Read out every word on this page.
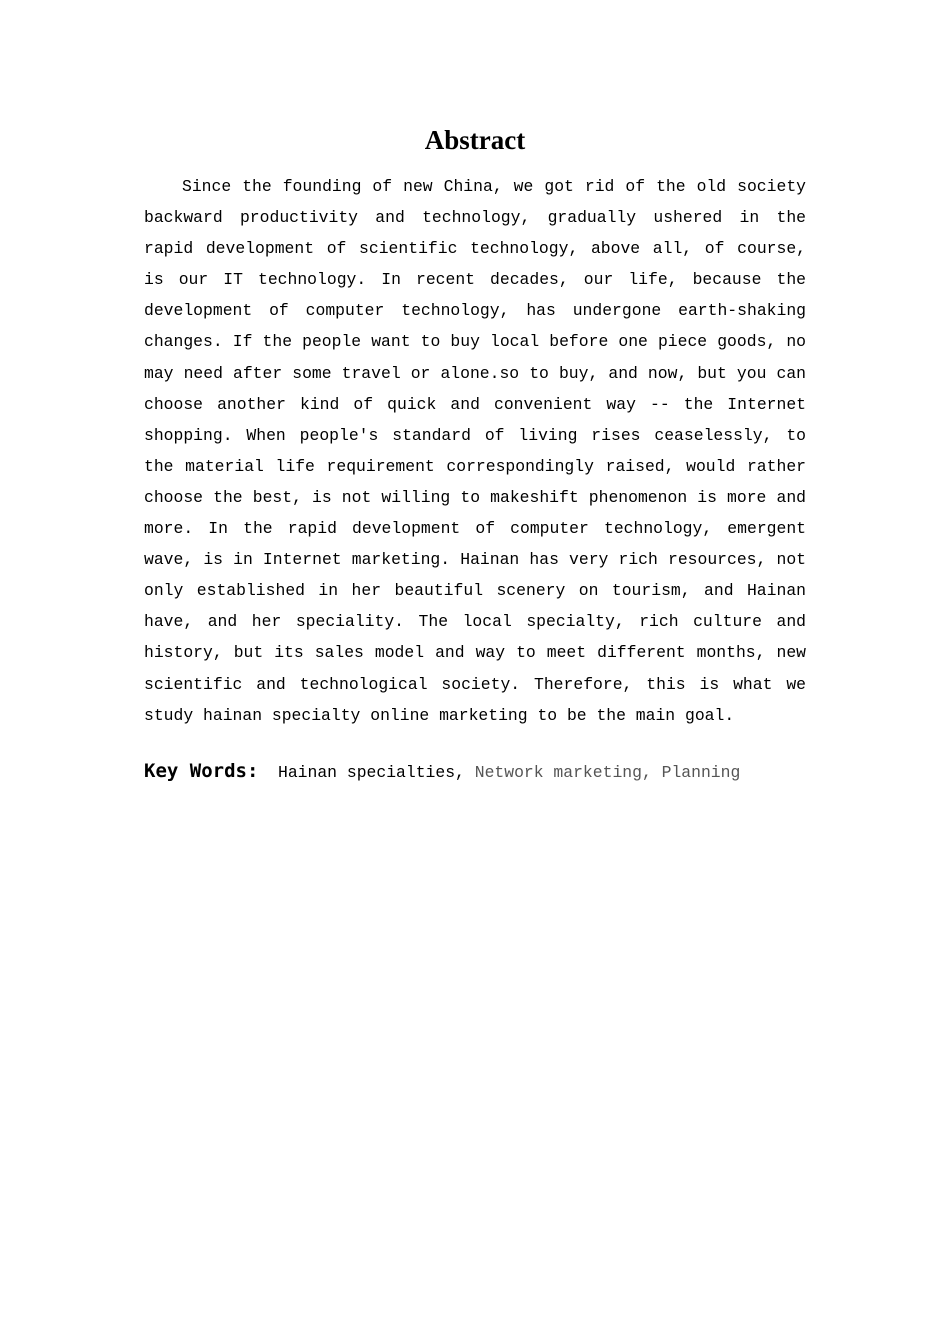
Abstract

Since the founding of new China, we got rid of the old society backward productivity and technology, gradually ushered in the rapid development of scientific technology, above all, of course, is our IT technology. In recent decades, our life, because the development of computer technology, has undergone earth-shaking changes. If the people want to buy local before one piece goods, no may need after some travel or alone.so to buy, and now, but you can choose another kind of quick and convenient way -- the Internet shopping. When people's standard of living rises ceaselessly, to the material life requirement correspondingly raised, would rather choose the best, is not willing to makeshift phenomenon is more and more. In the rapid development of computer technology, emergent wave, is in Internet marketing. Hainan has very rich resources, not only established in her beautiful scenery on tourism, and Hainan have, and her speciality. The local specialty, rich culture and history, but its sales model and way to meet different months, new scientific and technological society. Therefore, this is what we study hainan specialty online marketing to be the main goal.

Key Words: Hainan specialties, Network marketing, Planning
